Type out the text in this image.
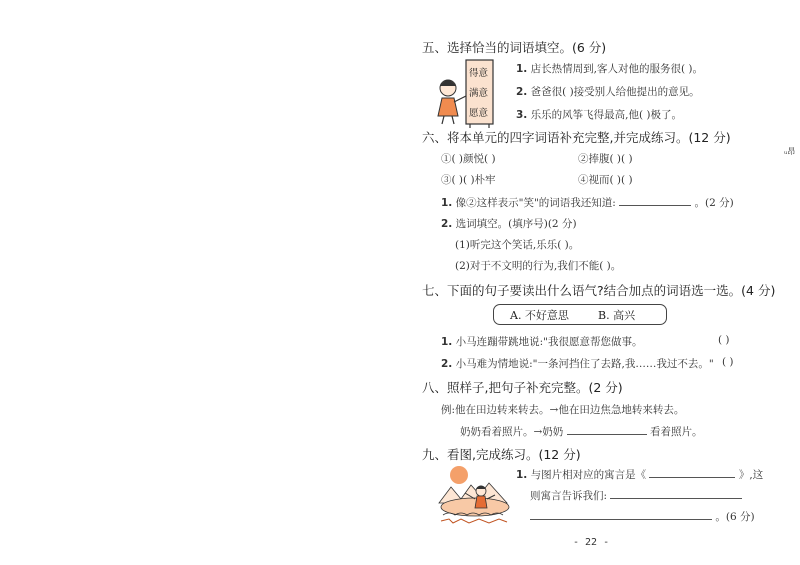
ᵤ昂
五、选择恰当的词语填空。(6 分)
得意
满意
愿意
1. 店长热情周到,客人对他的服务很( )。
2. 爸爸很( )接受别人给他提出的意见。
3. 乐乐的风筝飞得最高,他( )极了。
六、将本单元的四字词语补充完整,并完成练习。(12 分)
①( )颜悦( )	②捧腹( )( )
③( )( )朴牢	④视而( )( )
1. 像②这样表示"笑"的词语我还知道:	。(2 分)
2. 选词填空。(填序号)(2 分)
(1)听完这个笑话,乐乐( )。
(2)对于不文明的行为,我们不能( )。
七、下面的句子要读出什么语气?结合加点的词语选一选。(4 分)
A. 不好意思	B. 高兴
1. 小马连蹦带跳地说:"我很愿意帮您做事。	( )
2. 小马难为情地说:"一条河挡住了去路,我……我过不去。" ( )
八、照样子,把句子补充完整。(2 分)
例:他在田边转来转去。→他在田边焦急地转来转去。
奶奶看着照片。→奶奶	看着照片。
九、看图,完成练习。(12 分)
1. 与图片相对应的寓言是《	》,这
则寓言告诉我们:
。(6 分)
- 22 -
